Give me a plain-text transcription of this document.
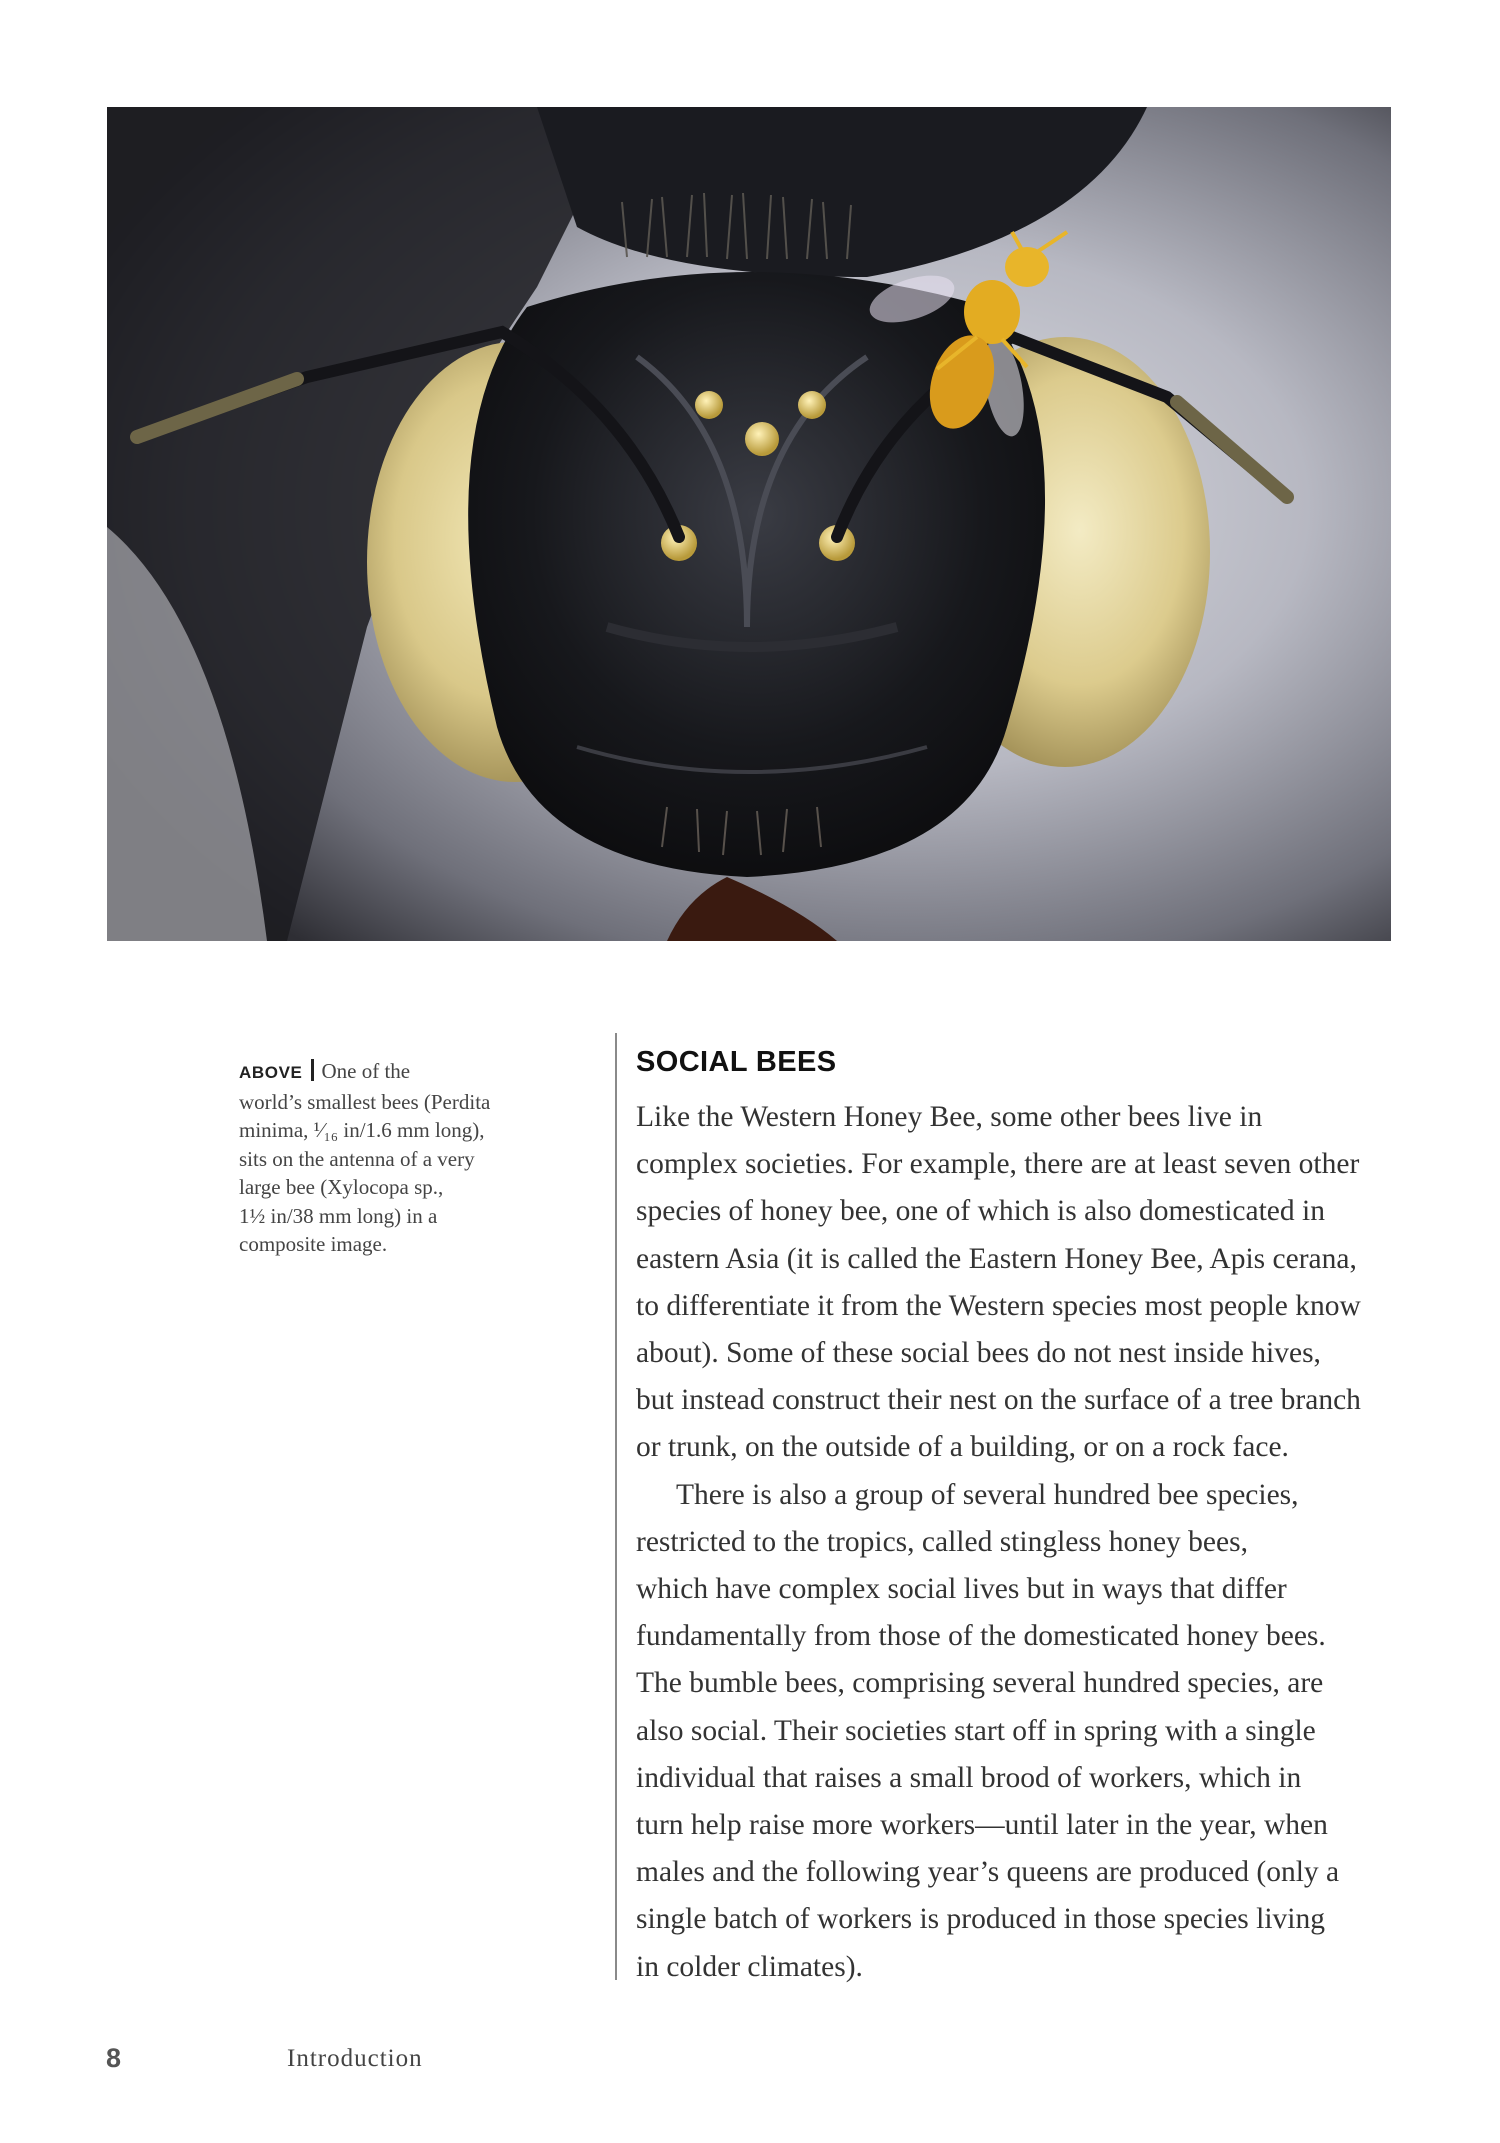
ABOVE One of the
world’s smallest bees (Perdita
minima, ¹⁄₁₆ in/1.6 mm long),
sits on the antenna of a very
large bee (Xylocopa sp.,
1½ in/38 mm long) in a
composite image.
SOCIAL BEES

Like the Western Honey Bee, some other bees live in
complex societies. For example, there are at least seven other
species of honey bee, one of which is also domesticated in
eastern Asia (it is called the Eastern Honey Bee, Apis cerana,
to differentiate it from the Western species most people know
about). Some of these social bees do not nest inside hives,
but instead construct their nest on the surface of a tree branch
or trunk, on the outside of a building, or on a rock face.

There is also a group of several hundred bee species,
restricted to the tropics, called stingless honey bees,
which have complex social lives but in ways that differ
fundamentally from those of the domesticated honey bees.
The bumble bees, comprising several hundred species, are
also social. Their societies start off in spring with a single
individual that raises a small brood of workers, which in
turn help raise more workers—until later in the year, when
males and the following year’s queens are produced (only a
single batch of workers is produced in those species living
in colder climates).

8	Introduction
